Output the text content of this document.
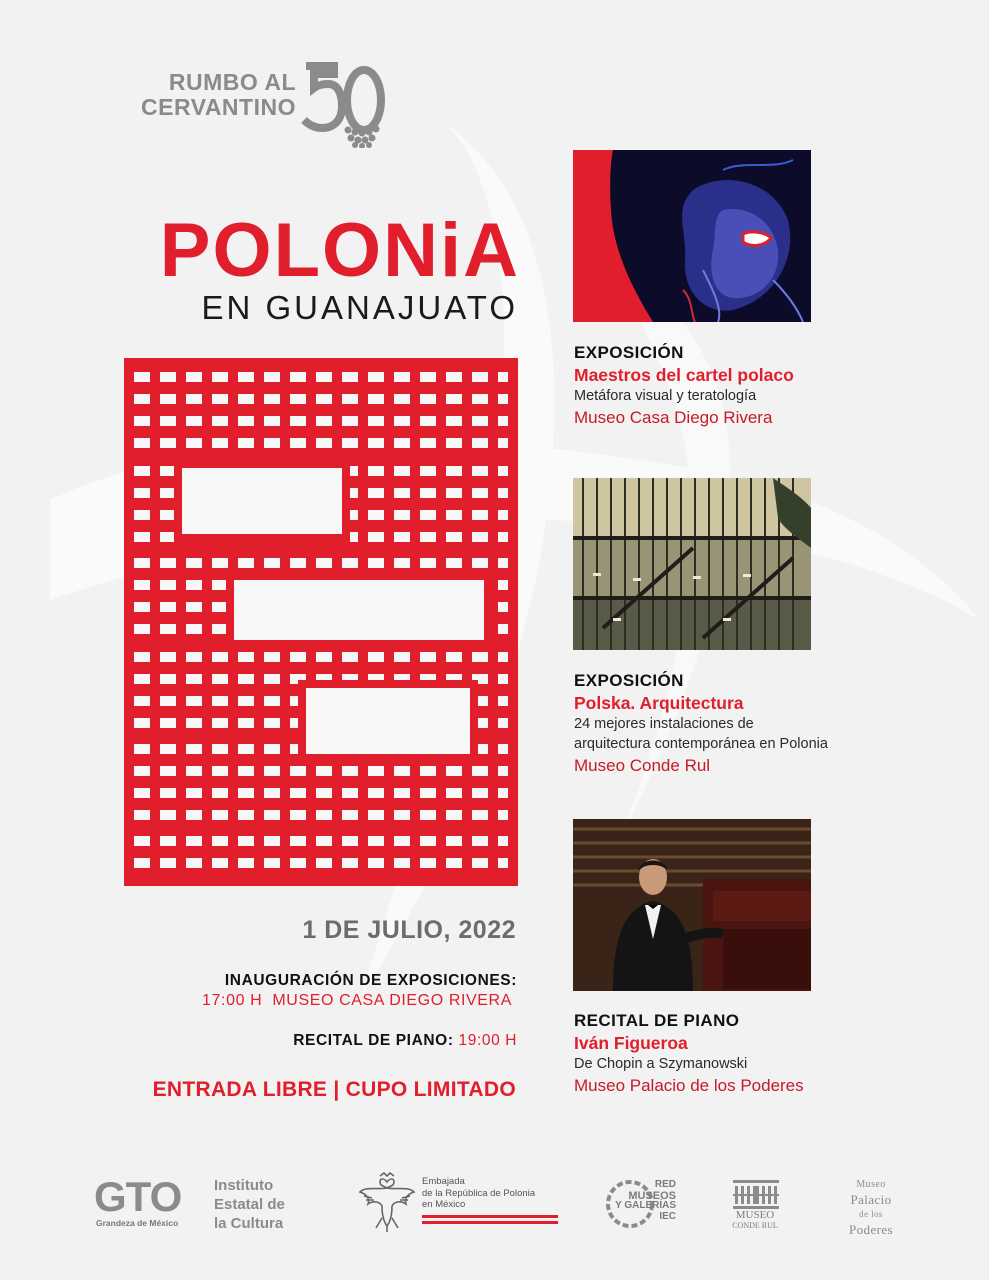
RUMBO AL
CERVANTINO
POLONiA
EN GUANAJUATO
1 DE JULIO, 2022
INAUGURACIÓN DE EXPOSICIONES:
17:00 H  MUSEO CASA DIEGO RIVERA
RECITAL DE PIANO: 19:00 H
ENTRADA LIBRE | CUPO LIMITADO
EXPOSICIÓN
Maestros del cartel polaco
Metáfora visual y teratología
Museo Casa Diego Rivera
EXPOSICIÓN
Polska. Arquitectura
24 mejores instalaciones de
arquitectura contemporánea en Polonia
Museo Conde Rul
RECITAL DE PIANO
Iván Figueroa
De Chopin a Szymanowski
Museo Palacio de los Poderes
GTO
Grandeza de México
Instituto
Estatal de
la Cultura
Embajada
de la República de Polonia
en México
RED
MUSEOS
Y GALERÍAS
IEC	MUSEO
CONDE RUL
Museo
Palacio
de los
Poderes
